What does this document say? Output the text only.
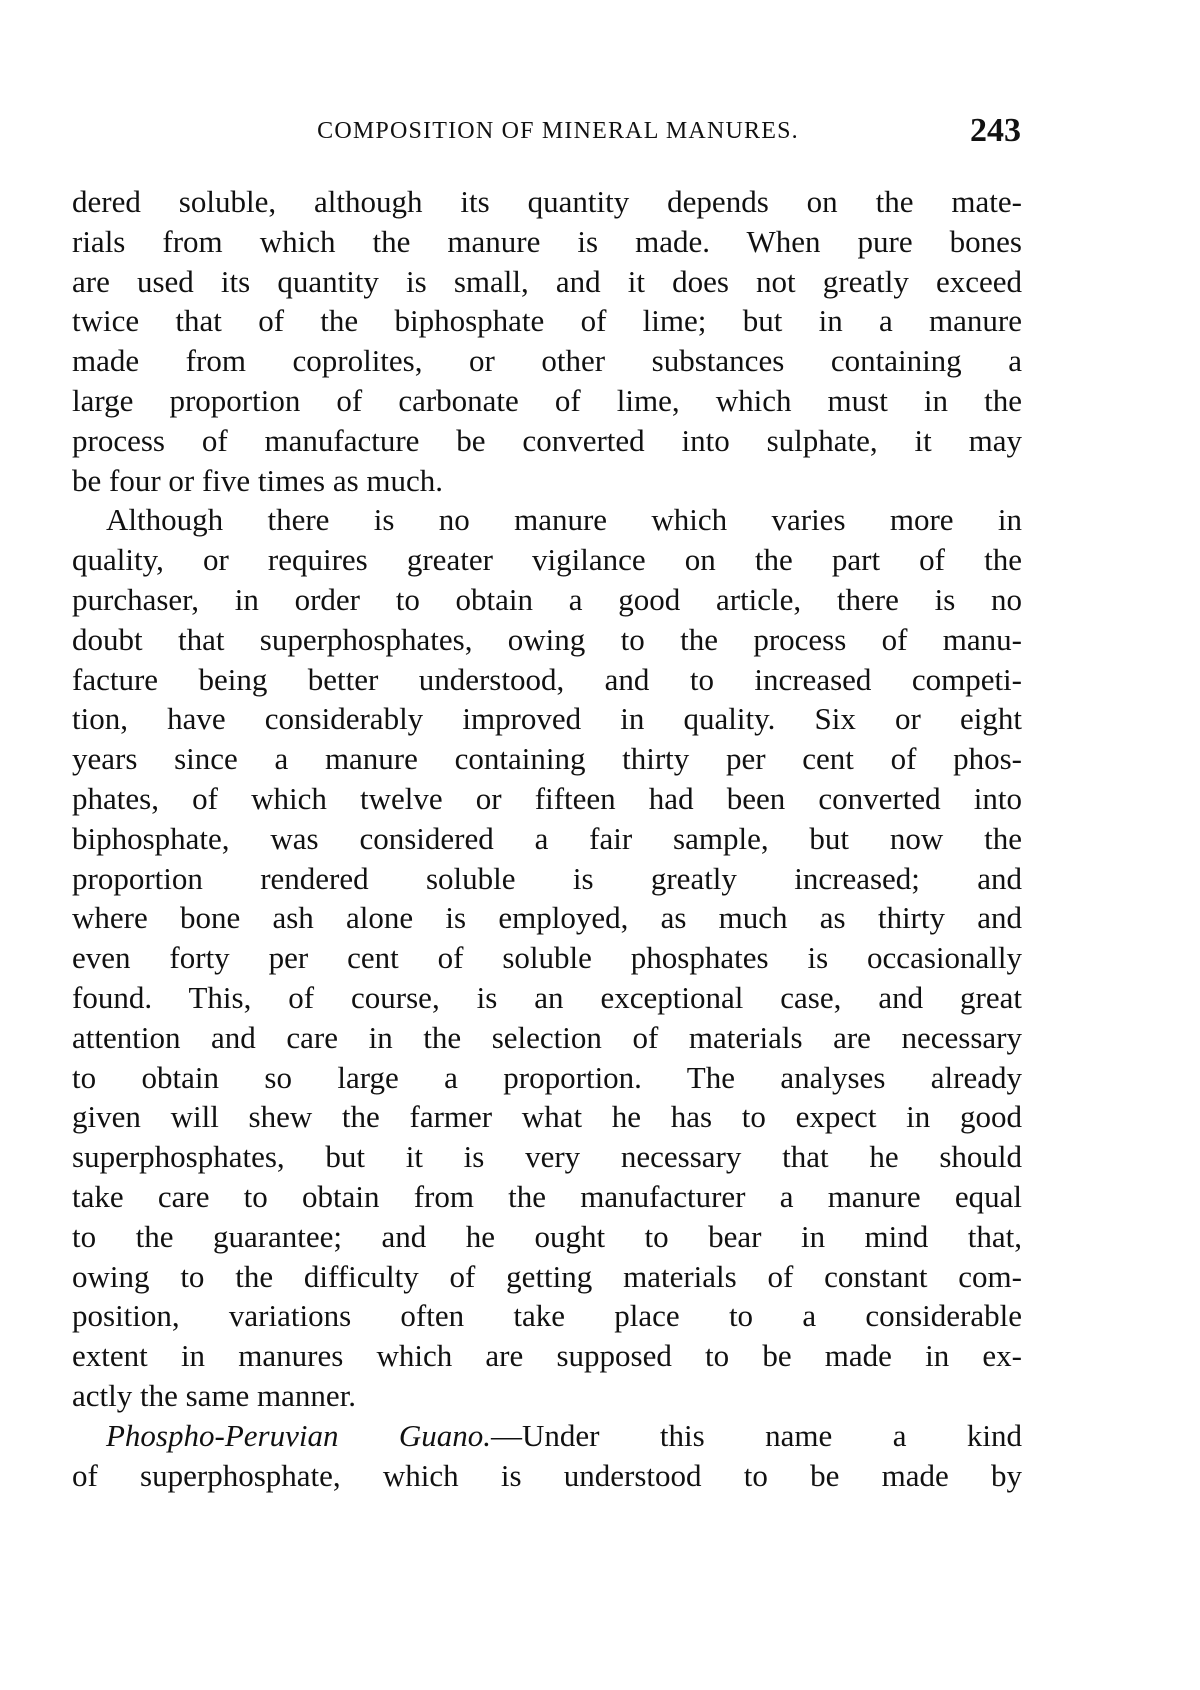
COMPOSITION OF MINERAL MANURES.	243
dered soluble, although its quantity depends on the mate-
rials from which the manure is made. When pure bones
are used its quantity is small, and it does not greatly exceed
twice that of the biphosphate of lime; but in a manure
made from coprolites, or other substances containing a
large proportion of carbonate of lime, which must in the
process of manufacture be converted into sulphate, it may
be four or five times as much.
Although there is no manure which varies more in
quality, or requires greater vigilance on the part of the
purchaser, in order to obtain a good article, there is no
doubt that superphosphates, owing to the process of manu-
facture being better understood, and to increased competi-
tion, have considerably improved in quality. Six or eight
years since a manure containing thirty per cent of phos-
phates, of which twelve or fifteen had been converted into
biphosphate, was considered a fair sample, but now the
proportion rendered soluble is greatly increased; and
where bone ash alone is employed, as much as thirty and
even forty per cent of soluble phosphates is occasionally
found. This, of course, is an exceptional case, and great
attention and care in the selection of materials are necessary
to obtain so large a proportion. The analyses already
given will shew the farmer what he has to expect in good
superphosphates, but it is very necessary that he should
take care to obtain from the manufacturer a manure equal
to the guarantee; and he ought to bear in mind that,
owing to the difficulty of getting materials of constant com-
position, variations often take place to a considerable
extent in manures which are supposed to be made in ex-
actly the same manner.
Phospho-Peruvian Guano.—Under this name a kind
of superphosphate, which is understood to be made by
